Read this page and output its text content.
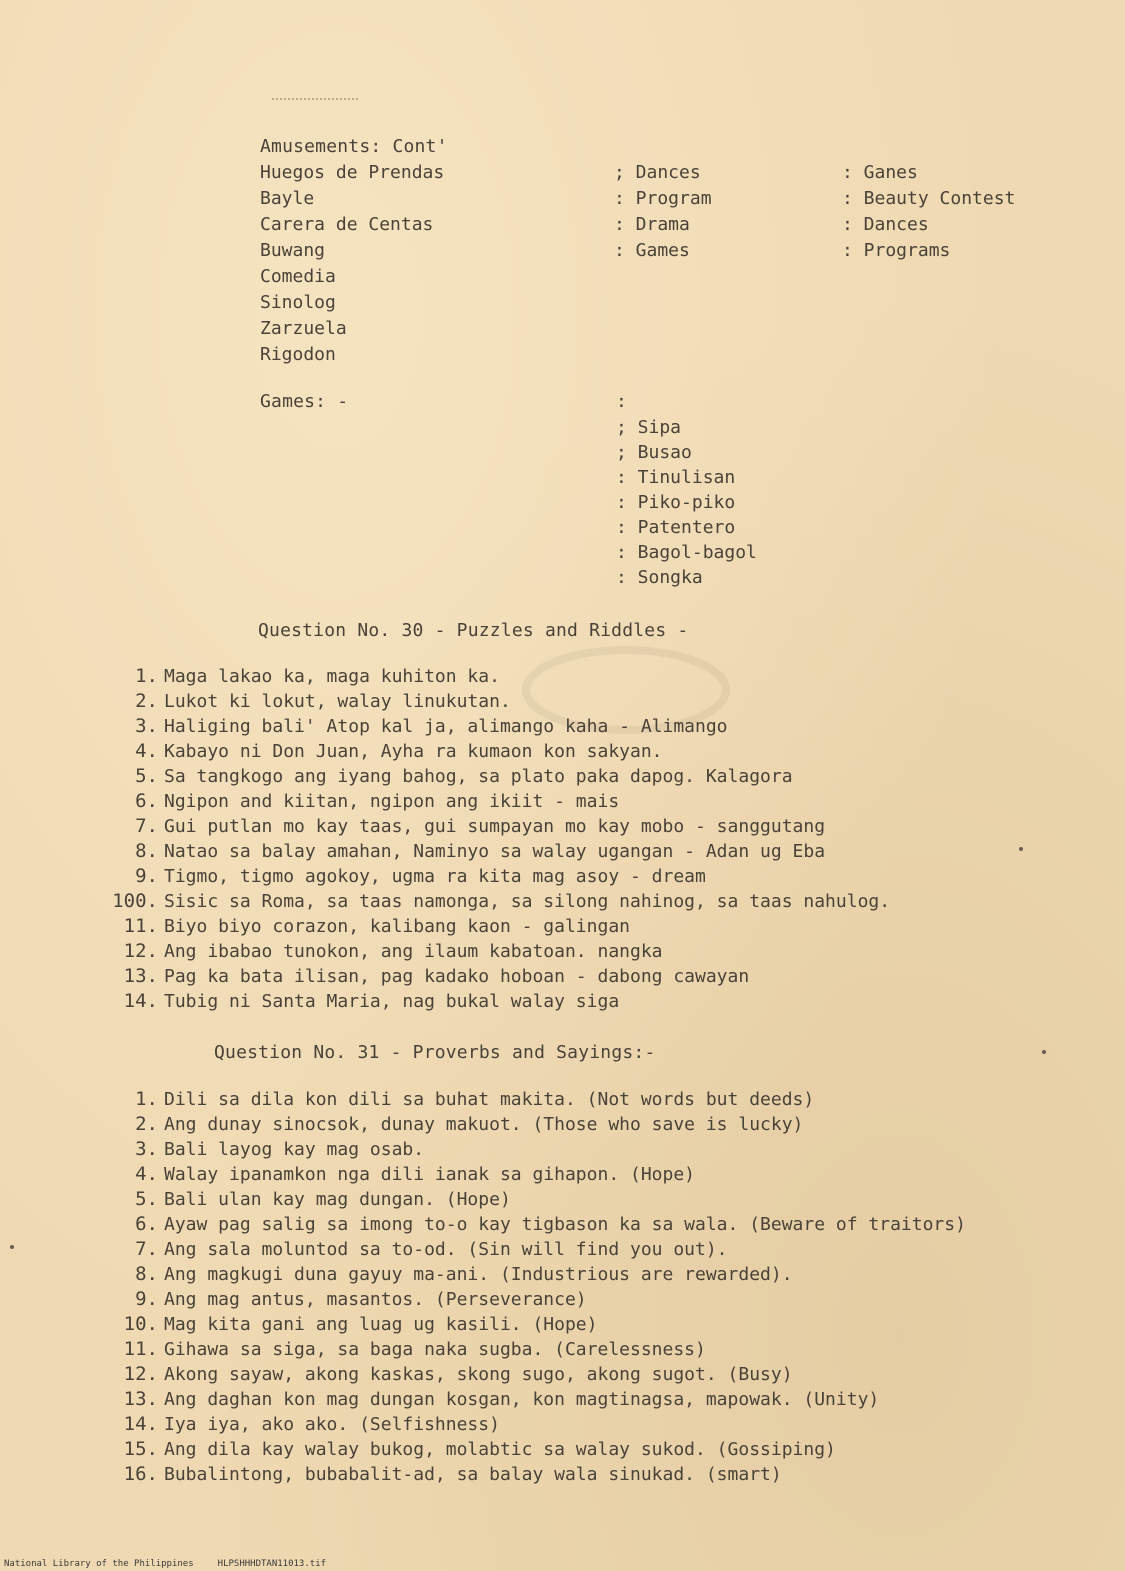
Amusements: Cont'
Huegos de Prendas
Bayle
Carera de Centas
Buwang
Comedia
Sinolog
Zarzuela
Rigodon
; Dances
: Program
: Drama
: Games
: Ganes
: Beauty Contest
: Dances
: Programs
Games: -	:
; Sipa
; Busao
: Tinulisan
: Piko-piko
: Patentero
: Bagol-bagol
: Songka
Question No. 30 - Puzzles and Riddles -
1. Maga lakao ka, maga kuhiton ka.
2. Lukot ki lokut, walay linukutan.
3. Haliging bali' Atop kal ja, alimango kaha - Alimango
4. Kabayo ni Don Juan, Ayha ra kumaon kon sakyan.
5. Sa tangkogo ang iyang bahog, sa plato paka dapog. Kalagora
6. Ngipon and kiitan, ngipon ang ikiit - mais
7. Gui putlan mo kay taas, gui sumpayan mo kay mobo - sanggutang
8. Natao sa balay amahan, Naminyo sa walay ugangan - Adan ug Eba
9. Tigmo, tigmo agokoy, ugma ra kita mag asoy - dream
100. Sisic sa Roma, sa taas namonga, sa silong nahinog, sa taas nahulog.
11. Biyo biyo corazon, kalibang kaon - galingan
12. Ang ibabao tunokon, ang ilaum kabatoan. nangka
13. Pag ka bata ilisan, pag kadako hoboan - dabong cawayan
14. Tubig ni Santa Maria, nag bukal walay siga
Question No. 31 - Proverbs and Sayings:-
1. Dili sa dila kon dili sa buhat makita. (Not words but deeds)
2. Ang dunay sinocsok, dunay makuot. (Those who save is lucky)
3. Bali layog kay mag osab.
4. Walay ipanamkon nga dili ianak sa gihapon. (Hope)
5. Bali ulan kay mag dungan. (Hope)
6. Ayaw pag salig sa imong to-o kay tigbason ka sa wala. (Beware of traitors)
7. Ang sala moluntod sa to-od. (Sin will find you out).
8. Ang magkugi duna gayuy ma-ani. (Industrious are rewarded).
9. Ang mag antus, masantos. (Perseverance)
10. Mag kita gani ang luag ug kasili. (Hope)
11. Gihawa sa siga, sa baga naka sugba. (Carelessness)
12. Akong sayaw, akong kaskas, skong sugo, akong sugot. (Busy)
13. Ang daghan kon mag dungan kosgan, kon magtinagsa, mapowak. (Unity)
14. Iya iya, ako ako. (Selfishness)
15. Ang dila kay walay bukog, molabtic sa walay sukod. (Gossiping)
16. Bubalintong, bubabalit-ad, sa balay wala sinukad. (smart)
National Library of the Philippines	HLPSHHHDTAN11013.tif
